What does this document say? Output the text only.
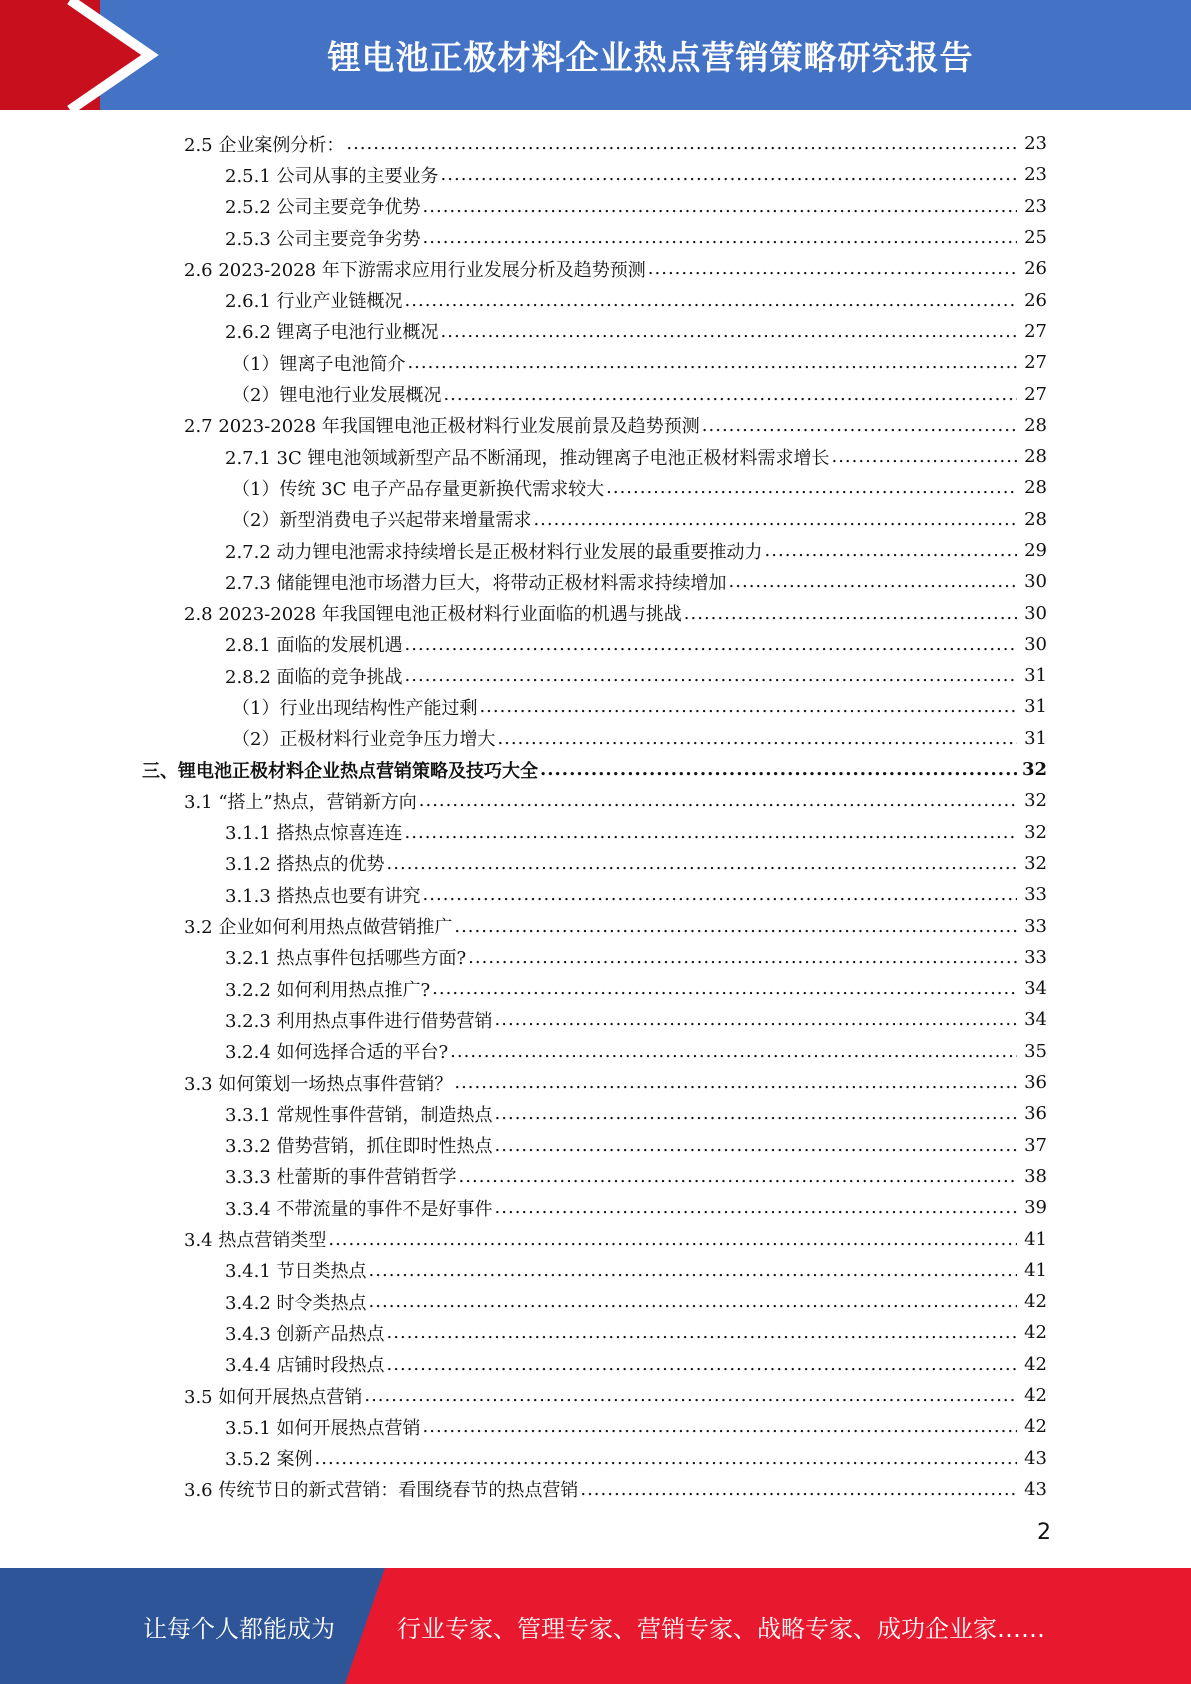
锂电池正极材料企业热点营销策略研究报告
2.5 企业案例分析： .....	23
2.5.1 公司从事的主要业务 .....	23
2.5.2 公司主要竞争优势 .....	23
2.5.3 公司主要竞争劣势 .....	25
2.6 2023-2028 年下游需求应用行业发展分析及趋势预测 .....	26
2.6.1 行业产业链概况 .....	26
2.6.2 锂离子电池行业概况 .....	27
（1）锂离子电池简介 .....	27
（2）锂电池行业发展概况 .....	27
2.7 2023-2028 年我国锂电池正极材料行业发展前景及趋势预测 .....	28
2.7.1 3C 锂电池领域新型产品不断涌现，推动锂离子电池正极材料需求增长 .....	28
（1）传统 3C 电子产品存量更新换代需求较大 .....	28
（2）新型消费电子兴起带来增量需求 .....	28
2.7.2 动力锂电池需求持续增长是正极材料行业发展的最重要推动力 .....	29
2.7.3 储能锂电池市场潜力巨大，将带动正极材料需求持续增加 .....	30
2.8 2023-2028 年我国锂电池正极材料行业面临的机遇与挑战 .....	30
2.8.1 面临的发展机遇 .....	30
2.8.2 面临的竞争挑战 .....	31
（1）行业出现结构性产能过剩 .....	31
（2）正极材料行业竞争压力增大 .....	31
三、锂电池正极材料企业热点营销策略及技巧大全 .....	32
3.1 “搭上”热点，营销新方向 .....	32
3.1.1 搭热点惊喜连连 .....	32
3.1.2 搭热点的优势 .....	32
3.1.3 搭热点也要有讲究 .....	33
3.2 企业如何利用热点做营销推广 .....	33
3.2.1 热点事件包括哪些方面? .....	33
3.2.2 如何利用热点推广? .....	34
3.2.3 利用热点事件进行借势营销 .....	34
3.2.4 如何选择合适的平台? .....	35
3.3 如何策划一场热点事件营销？ .....	36
3.3.1 常规性事件营销，制造热点 .....	36
3.3.2 借势营销，抓住即时性热点 .....	37
3.3.3 杜蕾斯的事件营销哲学 .....	38
3.3.4 不带流量的事件不是好事件 .....	39
3.4 热点营销类型 .....	41
3.4.1 节日类热点 .....	41
3.4.2 时令类热点 .....	42
3.4.3 创新产品热点 .....	42
3.4.4 店铺时段热点 .....	42
3.5 如何开展热点营销 .....	42
3.5.1 如何开展热点营销 .....	42
3.5.2 案例 .....	43
3.6 传统节日的新式营销：看围绕春节的热点营销 .....	43
2
让每个人都能成为	行业专家、管理专家、营销专家、战略专家、成功企业家……
